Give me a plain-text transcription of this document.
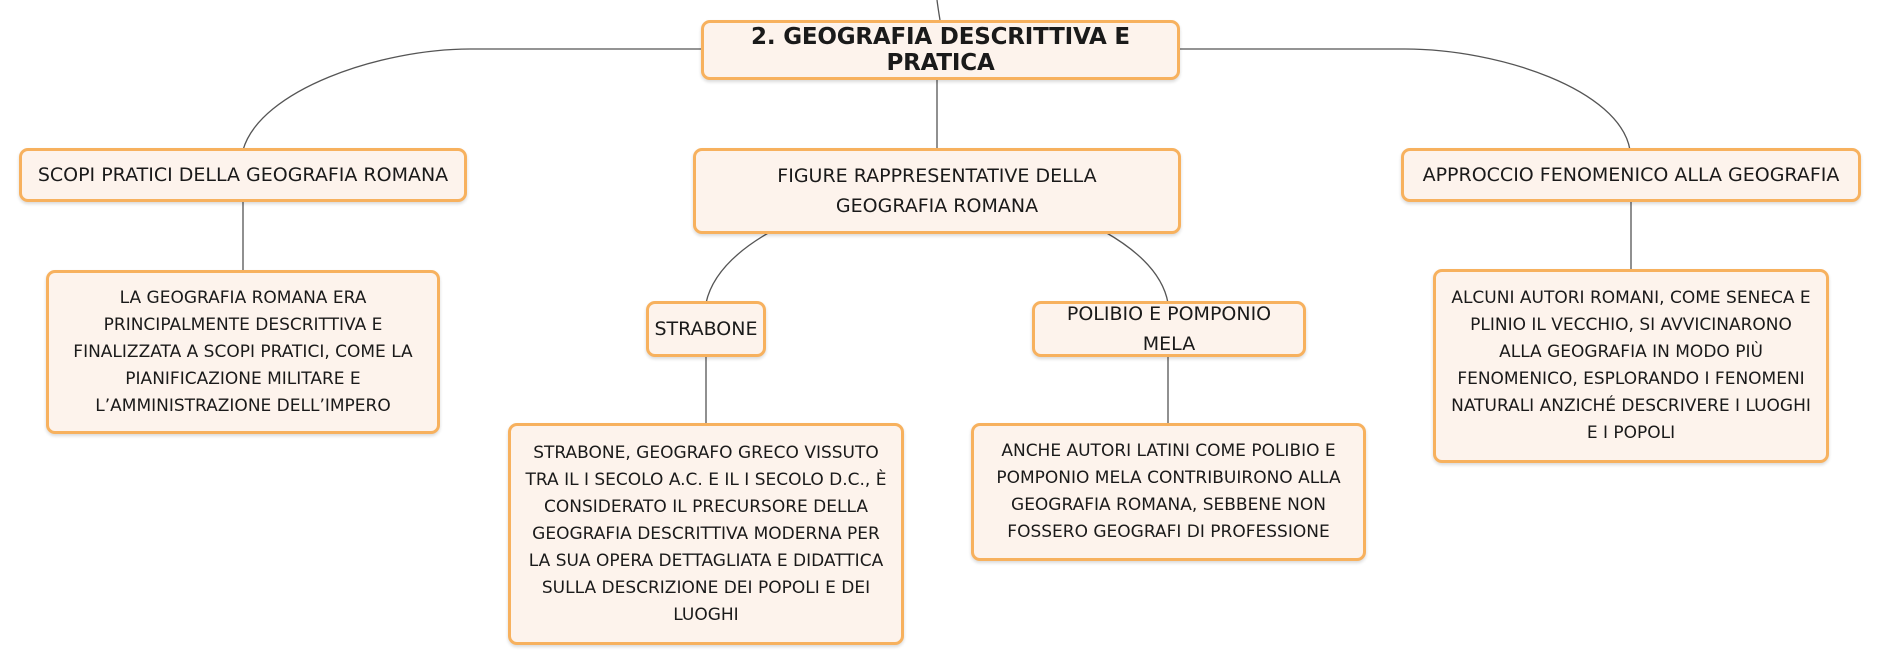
2. GEOGRAFIA DESCRITTIVA E PRATICA
SCOPI PRATICI DELLA GEOGRAFIA ROMANA
LA GEOGRAFIA ROMANA ERA PRINCIPALMENTE DESCRITTIVA E FINALIZZATA A SCOPI PRATICI, COME LA PIANIFICAZIONE MILITARE E L’AMMINISTRAZIONE DELL’IMPERO
FIGURE RAPPRESENTATIVE DELLA GEOGRAFIA ROMANA
STRABONE
STRABONE, GEOGRAFO GRECO VISSUTO TRA IL I SECOLO A.C. E IL I SECOLO D.C., È CONSIDERATO IL PRECURSORE DELLA GEOGRAFIA DESCRITTIVA MODERNA PER LA SUA OPERA DETTAGLIATA E DIDATTICA SULLA DESCRIZIONE DEI POPOLI E DEI LUOGHI
POLIBIO E POMPONIO MELA
ANCHE AUTORI LATINI COME POLIBIO E POMPONIO MELA CONTRIBUIRONO ALLA GEOGRAFIA ROMANA, SEBBENE NON FOSSERO GEOGRAFI DI PROFESSIONE
APPROCCIO FENOMENICO ALLA GEOGRAFIA
ALCUNI AUTORI ROMANI, COME SENECA E PLINIO IL VECCHIO, SI AVVICINARONO ALLA GEOGRAFIA IN MODO PIÙ FENOMENICO, ESPLORANDO I FENOMENI NATURALI ANZICHÉ DESCRIVERE I LUOGHI E I POPOLI
